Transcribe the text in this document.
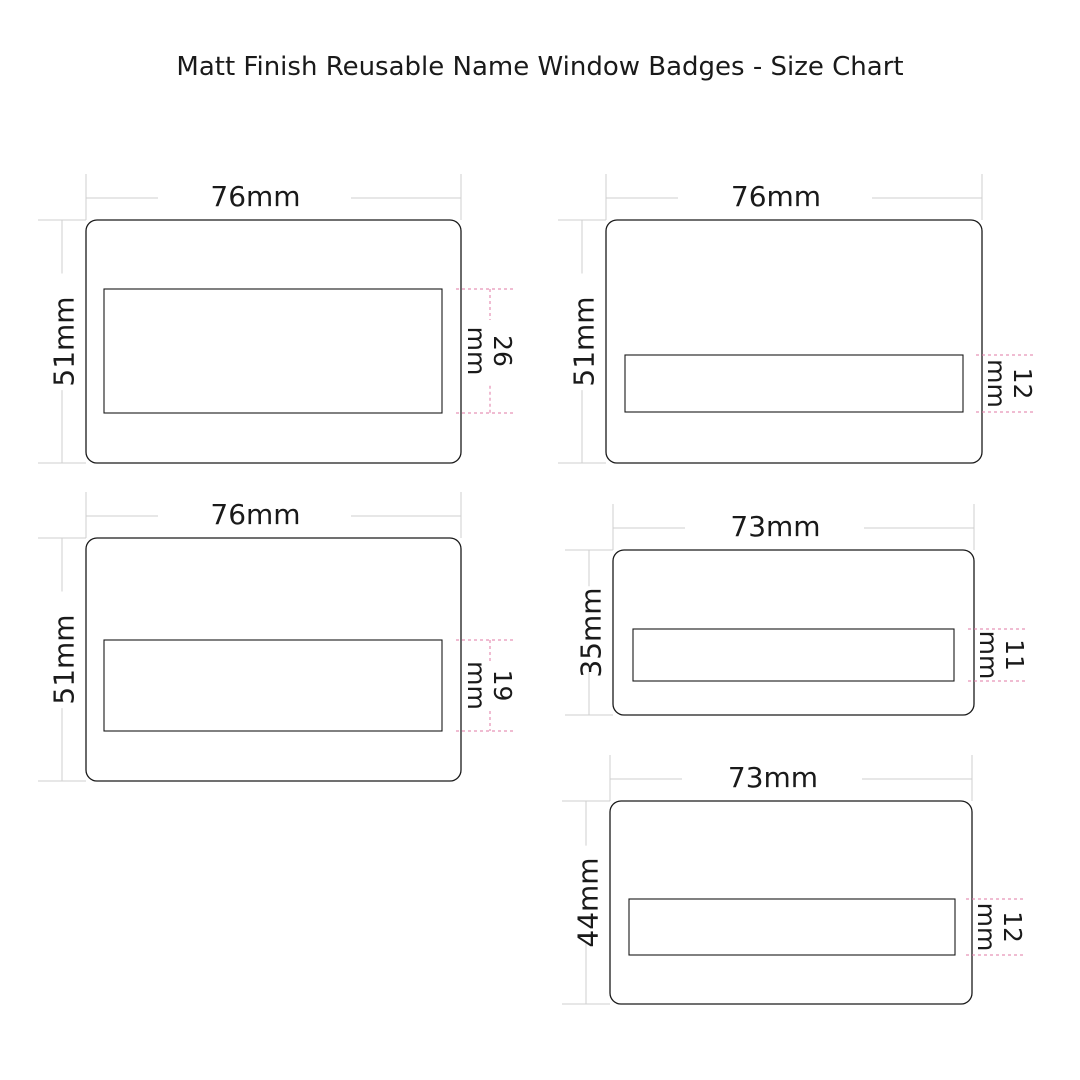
Matt Finish Reusable Name Window Badges - Size Chart
76mm
51mm	26mm
76mm
51mm	12mm
76mm
51mm	19mm
73mm
35mm	11mm
73mm
44mm	12mm
